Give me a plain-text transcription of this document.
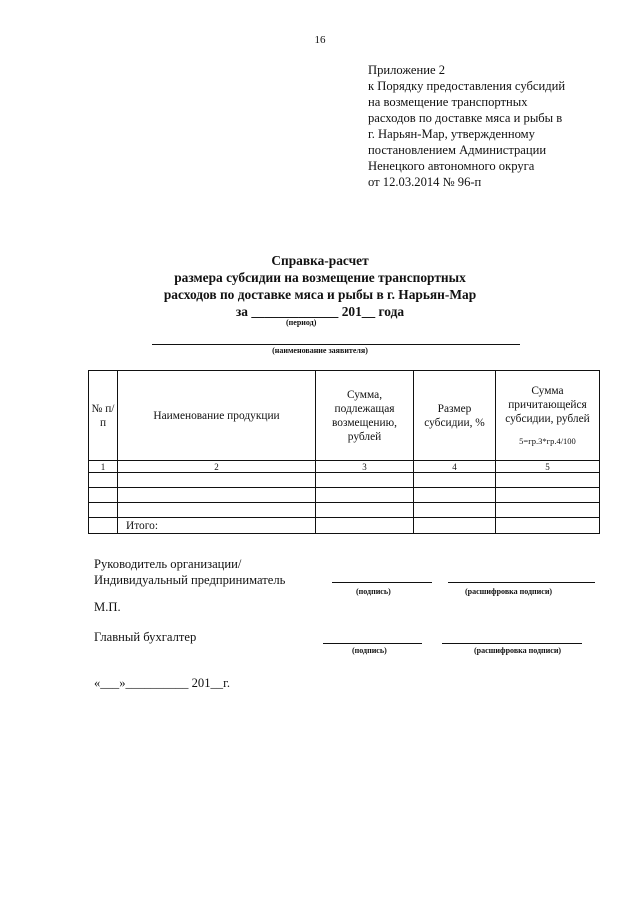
16
Приложение 2
к Порядку предоставления субсидий
на возмещение транспортных
расходов по доставке мяса и рыбы в
г. Нарьян-Мар, утвержденному
постановлением Администрации
Ненецкого автономного округа
от 12.03.2014 № 96-п
Справка-расчет
размера субсидии на возмещение транспортных
расходов по доставке мяса и рыбы в г. Нарьян-Мар
за _____________ 201__ года
(период)
(наименование заявителя)
№ п/п	Наименование продукции	Сумма, подлежащая возмещению, рублей	Размер субсидии, %	Сумма причитающейся субсидии, рублей
5=гр.3*гр.4/100

1	2	3	4	5

	Итого:			
Руководитель организации/
Индивидуальный предприниматель
(подпись)	(расшифровка подписи)
М.П.
Главный бухгалтер
(подпись)	(расшифровка подписи)
«___»__________ 201__г.
